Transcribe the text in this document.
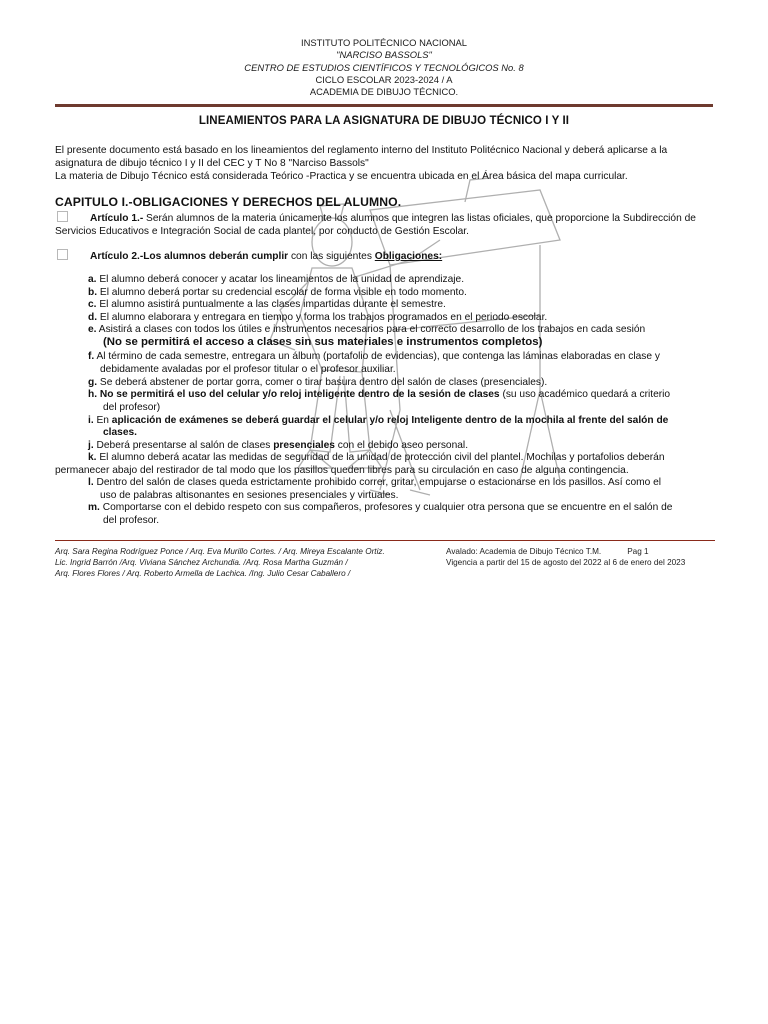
INSTITUTO POLITÉCNICO NACIONAL
"NARCISO BASSOLS"
CENTRO DE ESTUDIOS CIENTÍFICOS Y TECNOLÓGICOS No. 8
CICLO ESCOLAR 2023-2024 / A
ACADEMIA DE DIBUJO TÉCNICO.
LINEAMIENTOS PARA LA ASIGNATURA DE DIBUJO TÉCNICO I Y II

El presente documento está basado en los lineamientos del reglamento interno del Instituto Politécnico Nacional y deberá aplicarse a la asignatura de dibujo técnico I y II del CEC y T No 8 "Narciso Bassols"

La materia de Dibujo Técnico está considerada Teórico -Practica y se encuentra ubicada en el Área básica del mapa curricular.

CAPITULO I.-OBLIGACIONES Y DERECHOS DEL ALUMNO.

Artículo 1.- Serán alumnos de la materia únicamente los alumnos que integren las listas oficiales, que proporcione la Subdirección de Servicios Educativos e Integración Social de cada plantel, por conducto de Gestión Escolar.

Artículo 2.-Los alumnos deberán cumplir con las siguientes Obligaciones:

a. El alumno deberá conocer y acatar los lineamientos de la unidad de aprendizaje.

b. El alumno deberá portar su credencial escolar de forma visible en todo momento.

c. El alumno asistirá puntualmente a las clases impartidas durante el semestre.

d. El alumno elaborara y entregara en tiempo y forma los trabajos programados en el periodo escolar.

e. Asistirá a clases con todos los útiles e instrumentos necesarios para el correcto desarrollo de los trabajos en cada sesión

(No se permitirá el acceso a clases sin sus materiales e instrumentos completos)

f. Al término de cada semestre, entregara un álbum (portafolio de evidencias), que contenga las láminas elaboradas en clase y
debidamente avaladas por el profesor titular o el profesor auxiliar.

g. Se deberá abstener de portar gorra, comer o tirar basura dentro del salón de clases (presenciales).

h. No se permitirá el uso del celular y/o reloj inteligente dentro de la sesión de clases (su uso académico quedará a criterio
del profesor)

i. En aplicación de exámenes se deberá guardar el celular y/o reloj Inteligente dentro de la mochila al frente del salón de
clases.

j. Deberá presentarse al salón de clases presenciales con el debido aseo personal.

k. El alumno deberá acatar las medidas de seguridad de la unidad de protección civil del plantel. Mochilas y portafolios deberán
permanecer abajo del restirador de tal modo que los pasillos queden libres para su circulación en caso de alguna contingencia.

l. Dentro del salón de clases queda estrictamente prohibido correr, gritar, empujarse o estacionarse en los pasillos. Así como el
uso de palabras altisonantes en sesiones presenciales y virtuales.

m. Comportarse con el debido respeto con sus compañeros, profesores y cualquier otra persona que se encuentre en el salón de
del profesor.

Arq. Sara Regina Rodríguez Ponce / Arq. Eva Murillo Cortes. / Arq. Mireya Escalante Ortiz.
Lic. Ingrid Barrón /Arq. Viviana Sánchez Archundia. /Arq. Rosa Martha Guzmán /
Arq. Flores Flores / Arq. Roberto Armella de Lachica. /Ing. Julio Cesar Caballero /
Avalado: Academia de Dibujo Técnico T.M.	Pag 1
Vigencia a partir del 15 de agosto del 2022 al 6 de enero del 2023
